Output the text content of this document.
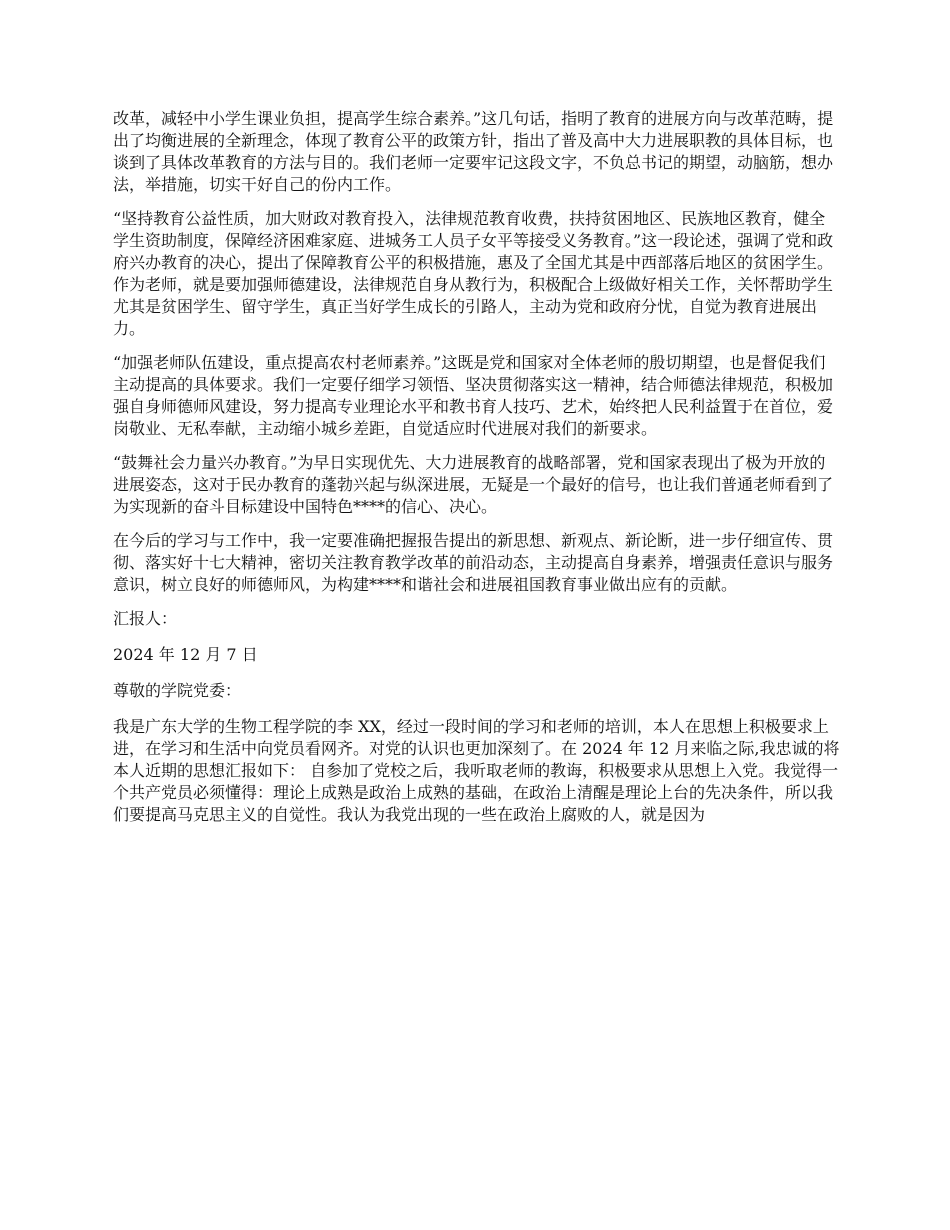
改革，减轻中小学生课业负担，提高学生综合素养。”这几句话，指明了教育的进展方向与改革范畴，提出了均衡进展的全新理念，体现了教育公平的政策方针，指出了普及高中大力进展职教的具体目标，也谈到了具体改革教育的方法与目的。我们老师一定要牢记这段文字，不负总书记的期望，动脑筋，想办法，举措施，切实干好自己的份内工作。

“坚持教育公益性质，加大财政对教育投入，法律规范教育收费，扶持贫困地区、民族地区教育，健全学生资助制度，保障经济困难家庭、进城务工人员子女平等接受义务教育。”这一段论述，强调了党和政府兴办教育的决心，提出了保障教育公平的积极措施，惠及了全国尤其是中西部落后地区的贫困学生。作为老师，就是要加强师德建设，法律规范自身从教行为，积极配合上级做好相关工作，关怀帮助学生尤其是贫困学生、留守学生，真正当好学生成长的引路人，主动为党和政府分忧，自觉为教育进展出力。

“加强老师队伍建设，重点提高农村老师素养。”这既是党和国家对全体老师的殷切期望，也是督促我们主动提高的具体要求。我们一定要仔细学习领悟、坚决贯彻落实这一精神，结合师德法律规范，积极加强自身师德师风建设，努力提高专业理论水平和教书育人技巧、艺术，始终把人民利益置于在首位，爱岗敬业、无私奉献，主动缩小城乡差距，自觉适应时代进展对我们的新要求。

“鼓舞社会力量兴办教育。”为早日实现优先、大力进展教育的战略部署，党和国家表现出了极为开放的进展姿态，这对于民办教育的蓬勃兴起与纵深进展，无疑是一个最好的信号，也让我们普通老师看到了为实现新的奋斗目标建设中国特色****的信心、决心。

在今后的学习与工作中，我一定要准确把握报告提出的新思想、新观点、新论断，进一步仔细宣传、贯彻、落实好十七大精神，密切关注教育教学改革的前沿动态，主动提高自身素养，增强责任意识与服务意识，树立良好的师德师风，为构建****和谐社会和进展祖国教育事业做出应有的贡献。

汇报人：

2024 年 12 月 7 日

尊敬的学院党委：

我是广东大学的生物工程学院的李 XX，经过一段时间的学习和老师的培训，本人在思想上积极要求上进，在学习和生活中向党员看网齐。对党的认识也更加深刻了。在 2024 年 12 月来临之际,我忠诚的将本人近期的思想汇报如下： 自参加了党校之后，我听取老师的教诲，积极要求从思想上入党。我觉得一个共产党员必须懂得：理论上成熟是政治上成熟的基础，在政治上清醒是理论上台的先决条件，所以我们要提高马克思主义的自觉性。我认为我党出现的一些在政治上腐败的人，就是因为
